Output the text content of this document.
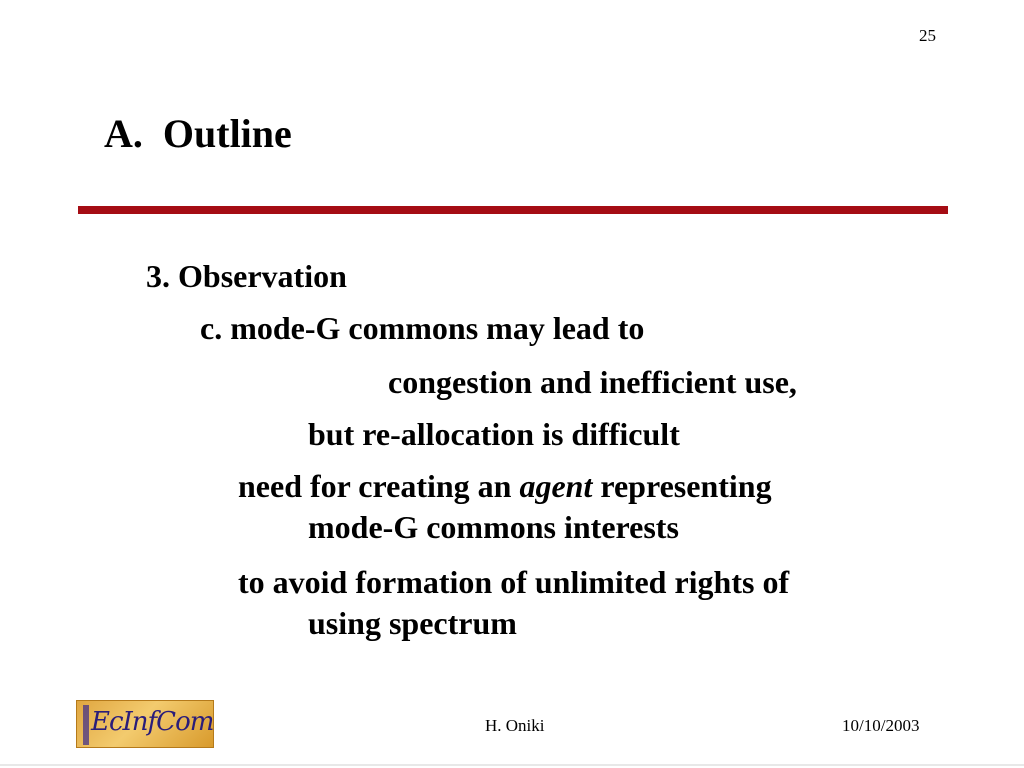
25
A.  Outline
3. Observation
c. mode-G commons may lead to
congestion and inefficient use,
but re-allocation is difficult
need for creating an agent representing
mode-G commons interests
to avoid formation of unlimited rights of
using spectrum
EcInfCom	H. Oniki	10/10/2003
